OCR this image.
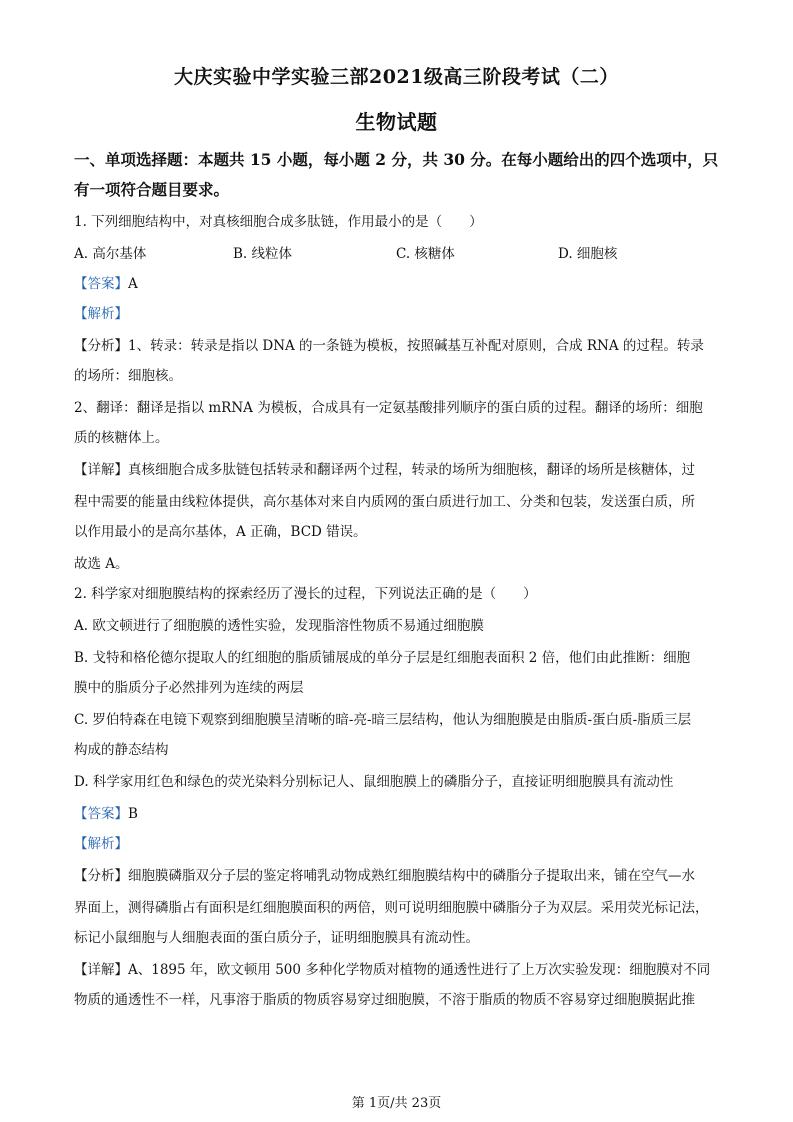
大庆实验中学实验三部2021级高三阶段考试（二）
生物试题
一、单项选择题：本题共 15 小题，每小题 2 分，共 30 分。在每小题给出的四个选项中，只
有一项符合题目要求。
1. 下列细胞结构中，对真核细胞合成多肽链，作用最小的是（　　）
A. 高尔基体	B. 线粒体	C. 核糖体	D. 细胞核
【答案】A
【解析】
【分析】1、转录：转录是指以 DNA 的一条链为模板，按照碱基互补配对原则，合成 RNA 的过程。转录
的场所：细胞核。
2、翻译：翻译是指以 mRNA 为模板，合成具有一定氨基酸排列顺序的蛋白质的过程。翻译的场所：细胞
质的核糖体上。
【详解】真核细胞合成多肽链包括转录和翻译两个过程，转录的场所为细胞核，翻译的场所是核糖体，过
程中需要的能量由线粒体提供，高尔基体对来自内质网的蛋白质进行加工、分类和包装，发送蛋白质，所
以作用最小的是高尔基体，A 正确，BCD 错误。
故选 A。
2. 科学家对细胞膜结构的探索经历了漫长的过程，下列说法正确的是（　　）
A. 欧文顿进行了细胞膜的透性实验，发现脂溶性物质不易通过细胞膜
B. 戈特和格伦德尔提取人的红细胞的脂质铺展成的单分子层是红细胞表面积 2 倍，他们由此推断：细胞
膜中的脂质分子必然排列为连续的两层
C. 罗伯特森在电镜下观察到细胞膜呈清晰的暗-亮-暗三层结构，他认为细胞膜是由脂质-蛋白质-脂质三层
构成的静态结构
D. 科学家用红色和绿色的荧光染料分别标记人、鼠细胞膜上的磷脂分子，直接证明细胞膜具有流动性
【答案】B
【解析】
【分析】细胞膜磷脂双分子层的鉴定将哺乳动物成熟红细胞膜结构中的磷脂分子提取出来，铺在空气—水
界面上，测得磷脂占有面积是红细胞膜面积的两倍，则可说明细胞膜中磷脂分子为双层。采用荧光标记法，
标记小鼠细胞与人细胞表面的蛋白质分子，证明细胞膜具有流动性。
【详解】A、1895 年，欧文顿用 500 多种化学物质对植物的通透性进行了上万次实验发现：细胞膜对不同
物质的通透性不一样，凡事溶于脂质的物质容易穿过细胞膜，不溶于脂质的物质不容易穿过细胞膜据此推
第 1页/共 23页
